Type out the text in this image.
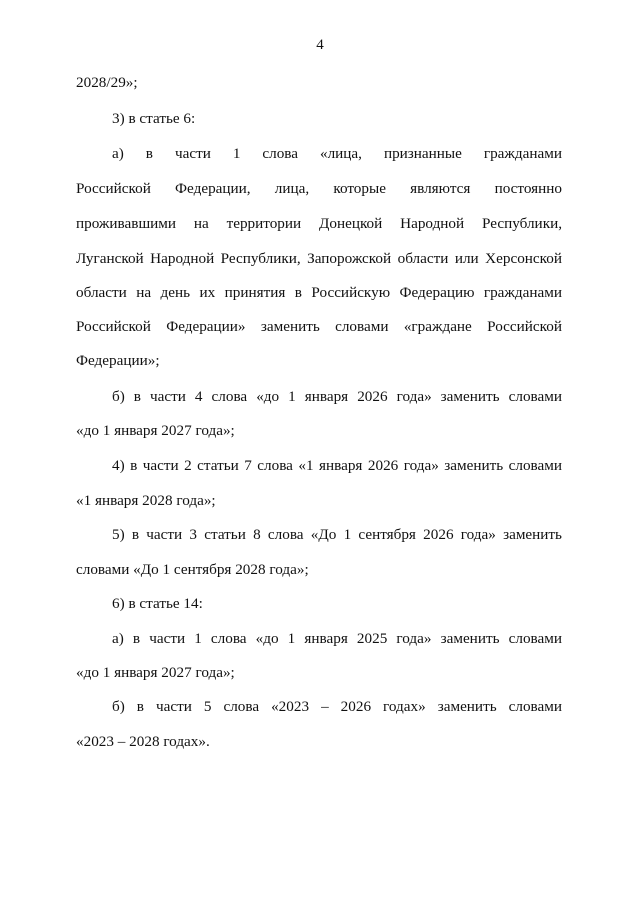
4
2028/29»;
3) в статье 6:
а) в части 1 слова «лица, признанные гражданами
Российской Федерации, лица, которые являются постоянно
проживавшими на территории Донецкой Народной Республики,
Луганской Народной Республики, Запорожской области или Херсонской
области на день их принятия в Российскую Федерацию гражданами
Российской Федерации» заменить словами «граждане Российской
Федерации»;
б) в части 4 слова «до 1 января 2026 года» заменить словами
«до 1 января 2027 года»;
4) в части 2 статьи 7 слова «1 января 2026 года» заменить словами
«1 января 2028 года»;
5) в части 3 статьи 8 слова «До 1 сентября 2026 года» заменить
словами «До 1 сентября 2028 года»;
6) в статье 14:
а) в части 1 слова «до 1 января 2025 года» заменить словами
«до 1 января 2027 года»;
б) в части 5 слова «2023 – 2026 годах» заменить словами
«2023 – 2028 годах».
